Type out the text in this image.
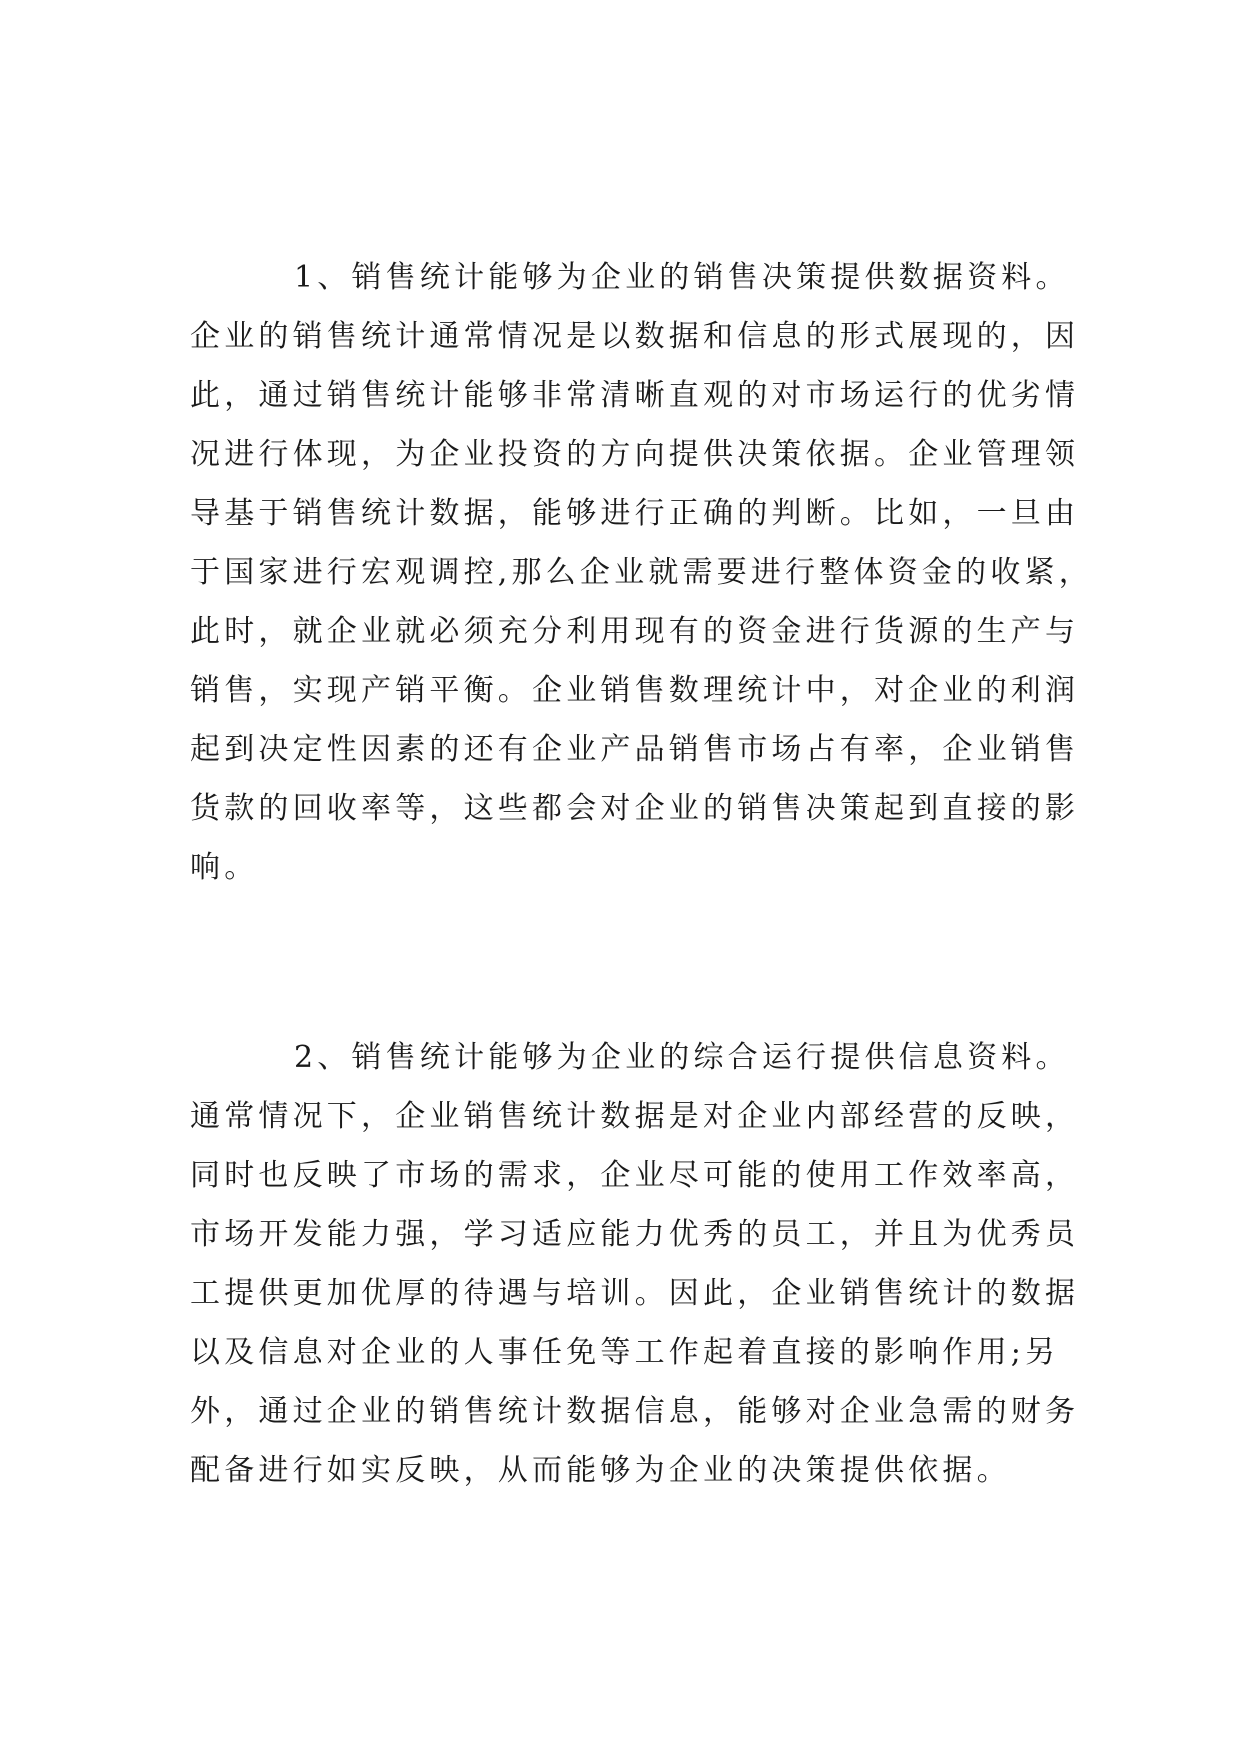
1、销售统计能够为企业的销售决策提供数据资料。
企业的销售统计通常情况是以数据和信息的形式展现的，因
此，通过销售统计能够非常清晰直观的对市场运行的优劣情
况进行体现，为企业投资的方向提供决策依据。企业管理领
导基于销售统计数据，能够进行正确的判断。比如，一旦由
于国家进行宏观调控,那么企业就需要进行整体资金的收紧，
此时，就企业就必须充分利用现有的资金进行货源的生产与
销售，实现产销平衡。企业销售数理统计中，对企业的利润
起到决定性因素的还有企业产品销售市场占有率，企业销售
货款的回收率等，这些都会对企业的销售决策起到直接的影
响。
2、销售统计能够为企业的综合运行提供信息资料。
通常情况下，企业销售统计数据是对企业内部经营的反映，
同时也反映了市场的需求，企业尽可能的使用工作效率高，
市场开发能力强，学习适应能力优秀的员工，并且为优秀员
工提供更加优厚的待遇与培训。因此，企业销售统计的数据
以及信息对企业的人事任免等工作起着直接的影响作用;另
外，通过企业的销售统计数据信息，能够对企业急需的财务
配备进行如实反映，从而能够为企业的决策提供依据。
